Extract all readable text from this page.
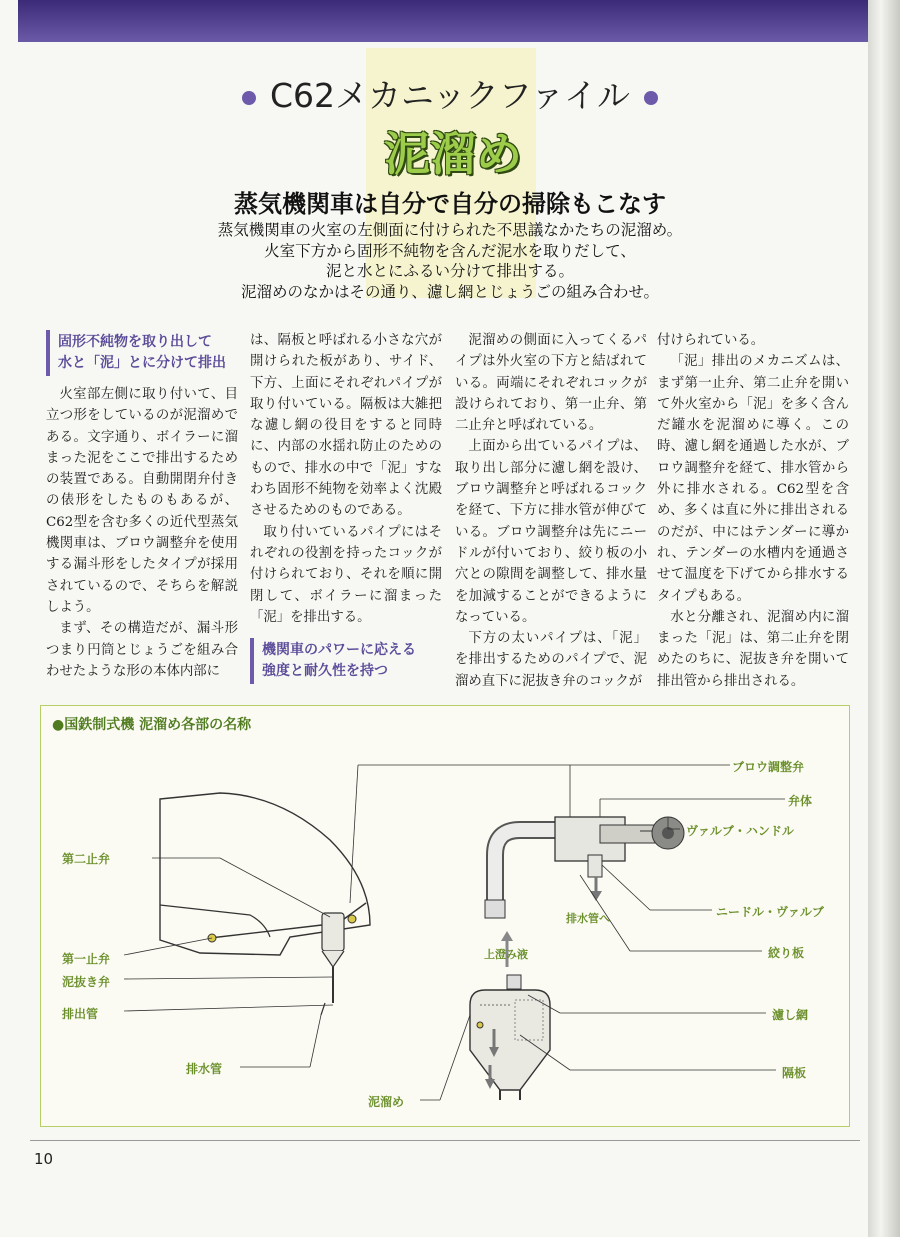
C62メカニックファイル
泥溜め
蒸気機関車は自分で自分の掃除もこなす
蒸気機関車の火室の左側面に付けられた不思議なかたちの泥溜め。
火室下方から固形不純物を含んだ泥水を取りだして、
泥と水とにふるい分けて排出する。
泥溜めのなかはその通り、濾し網とじょうごの組み合わせ。
固形不純物を取り出して
水と「泥」とに分けて排出

火室部左側に取り付いて、目立つ形をしているのが泥溜めである。文字通り、ボイラーに溜まった泥をここで排出するための装置である。自動開閉弁付きの俵形をしたものもあるが、C62型を含む多くの近代型蒸気機関車は、ブロウ調整弁を使用する漏斗形をしたタイプが採用されているので、そちらを解説しよう。

まず、その構造だが、漏斗形つまり円筒とじょうごを組み合わせたような形の本体内部に

は、隔板と呼ばれる小さな穴が開けられた板があり、サイド、下方、上面にそれぞれパイプが取り付いている。隔板は大雑把な濾し網の役目をすると同時に、内部の水揺れ防止のためのもので、排水の中で「泥」すなわち固形不純物を効率よく沈殿させるためのものである。

取り付いているパイプにはそれぞれの役割を持ったコックが付けられており、それを順に開閉して、ボイラーに溜まった「泥」を排出する。

機関車のパワーに応える
強度と耐久性を持つ

泥溜めの側面に入ってくるパイプは外火室の下方と結ばれている。両端にそれぞれコックが設けられており、第一止弁、第二止弁と呼ばれている。

上面から出ているパイプは、取り出し部分に濾し網を設け、ブロウ調整弁と呼ばれるコックを経て、下方に排水管が伸びている。ブロウ調整弁は先にニードルが付いており、絞り板の小穴との隙間を調整して、排水量を加減することができるようになっている。

下方の太いパイプは、「泥」を排出するためのパイプで、泥溜め直下に泥抜き弁のコックが

付けられている。

「泥」排出のメカニズムは、まず第一止弁、第二止弁を開いて外火室から「泥」を多く含んだ罐水を泥溜めに導く。この時、濾し網を通過した水が、ブロウ調整弁を経て、排水管から外に排水される。C62型を含め、多くは直に外に排出されるのだが、中にはテンダーに導かれ、テンダーの水槽内を通過させて温度を下げてから排水するタイプもある。

水と分離され、泥溜め内に溜まった「泥」は、第二止弁を閉めたのちに、泥抜き弁を開いて排出管から排出される。

●国鉄制式機 泥溜め各部の名称
第二止弁
第一止弁
泥抜き弁
排出管
排水管
泥溜め
ブロウ調整弁
弁体
ヴァルブ・ハンドル
ニードル・ヴァルブ
絞り板
濾し網
隔板
排水管へ
上澄み液
10
